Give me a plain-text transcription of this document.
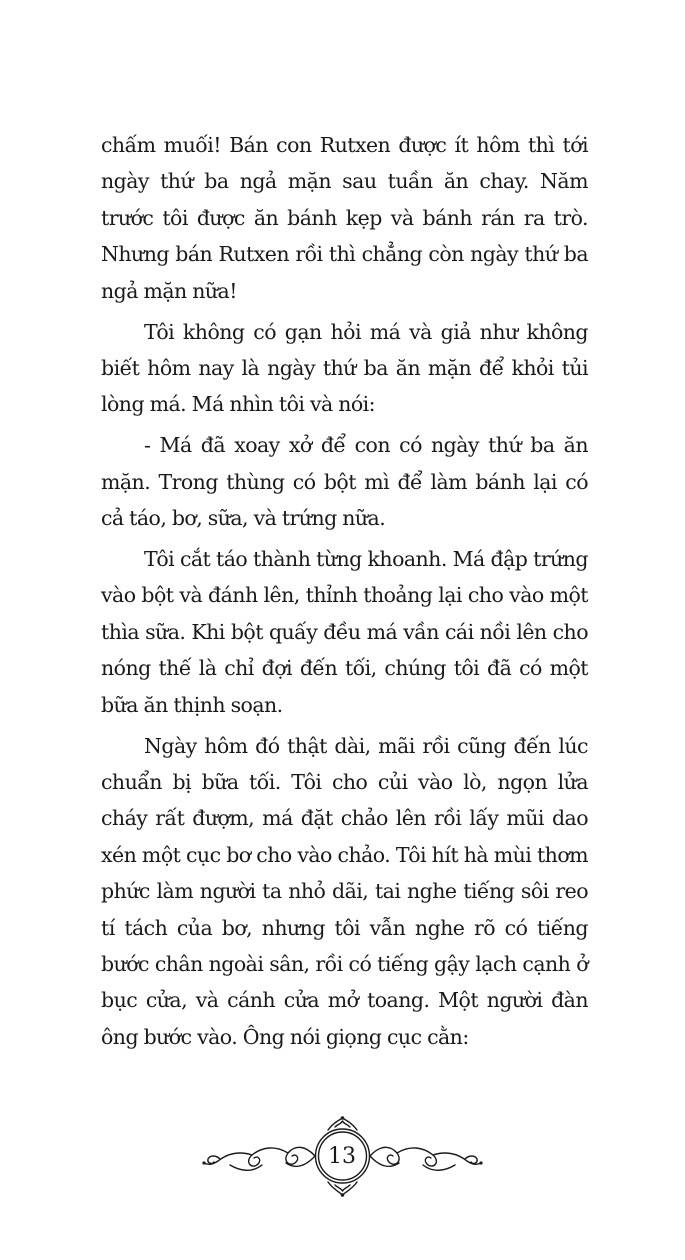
chấm muối! Bán con Rutxen được ít hôm thì tới ngày thứ ba ngả mặn sau tuần ăn chay. Năm trước tôi được ăn bánh kẹp và bánh rán ra trò. Nhưng bán Rutxen rồi thì chẳng còn ngày thứ ba ngả mặn nữa!

Tôi không có gạn hỏi má và giả như không biết hôm nay là ngày thứ ba ăn mặn để khỏi tủi lòng má. Má nhìn tôi và nói:

- Má đã xoay xở để con có ngày thứ ba ăn mặn. Trong thùng có bột mì để làm bánh lại có cả táo, bơ, sữa, và trứng nữa.

Tôi cắt táo thành từng khoanh. Má đập trứng vào bột và đánh lên, thỉnh thoảng lại cho vào một thìa sữa. Khi bột quấy đều má vần cái nồi lên cho nóng thế là chỉ đợi đến tối, chúng tôi đã có một bữa ăn thịnh soạn.

Ngày hôm đó thật dài, mãi rồi cũng đến lúc chuẩn bị bữa tối. Tôi cho củi vào lò, ngọn lửa cháy rất đượm, má đặt chảo lên rồi lấy mũi dao xén một cục bơ cho vào chảo. Tôi hít hà mùi thơm phức làm người ta nhỏ dãi, tai nghe tiếng sôi reo tí tách của bơ, nhưng tôi vẫn nghe rõ có tiếng bước chân ngoài sân, rồi có tiếng gậy lạch cạnh ở bục cửa, và cánh cửa mở toang. Một người đàn ông bước vào. Ông nói giọng cục cằn:

13
